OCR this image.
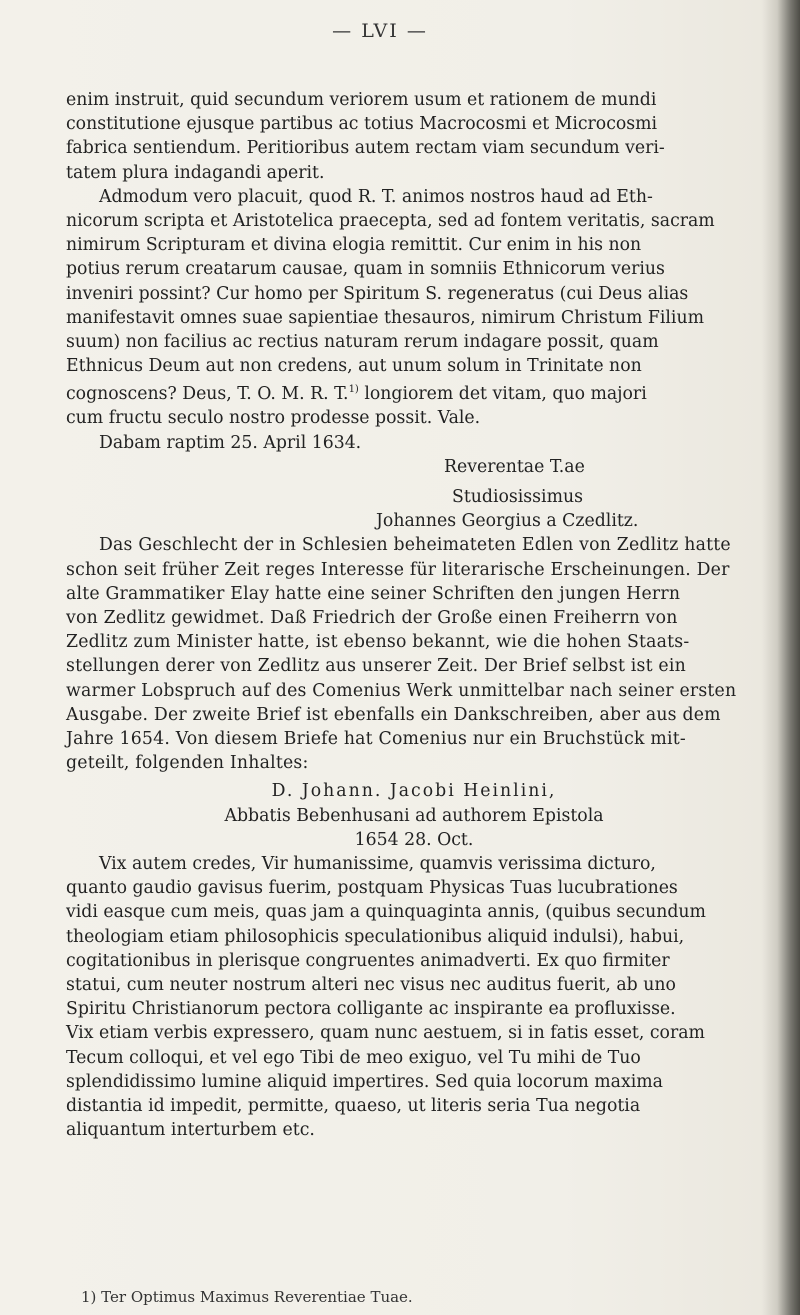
— LVI —
enim instruit, quid secundum veriorem usum et rationem de mundi
constitutione ejusque partibus ac totius Macrocosmi et Microcosmi
fabrica sentiendum. Peritioribus autem rectam viam secundum veri-
tatem plura indagandi aperit.
Admodum vero placuit, quod R. T. animos nostros haud ad Eth-
nicorum scripta et Aristotelica praecepta, sed ad fontem veritatis, sacram
nimirum Scripturam et divina elogia remittit. Cur enim in his non
potius rerum creatarum causae, quam in somniis Ethnicorum verius
inveniri possint? Cur homo per Spiritum S. regeneratus (cui Deus alias
manifestavit omnes suae sapientiae thesauros, nimirum Christum Filium
suum) non facilius ac rectius naturam rerum indagare possit, quam
Ethnicus Deum aut non credens, aut unum solum in Trinitate non
cognoscens? Deus, T. O. M. R. T.$^{1)}$ longiorem det vitam, quo majori
cum fructu seculo nostro prodesse possit. Vale.
Dabam raptim 25. April 1634.
Reverentae T.ae
Studiosissimus
Johannes Georgius a Czedlitz.
Das Geschlecht der in Schlesien beheimateten Edlen von Zedlitz hatte
schon seit früher Zeit reges Interesse für literarische Erscheinungen. Der
alte Grammatiker Elay hatte eine seiner Schriften den jungen Herrn
von Zedlitz gewidmet. Daß Friedrich der Große einen Freiherrn von
Zedlitz zum Minister hatte, ist ebenso bekannt, wie die hohen Staats-
stellungen derer von Zedlitz aus unserer Zeit. Der Brief selbst ist ein
warmer Lobspruch auf des Comenius Werk unmittelbar nach seiner ersten
Ausgabe. Der zweite Brief ist ebenfalls ein Dankschreiben, aber aus dem
Jahre 1654. Von diesem Briefe hat Comenius nur ein Bruchstück mit-
geteilt, folgenden Inhaltes:
D. Johann. Jacobi Heinlini,
Abbatis Bebenhusani ad authorem Epistola
1654 28. Oct.
Vix autem credes, Vir humanissime, quamvis verissima dicturo,
quanto gaudio gavisus fuerim, postquam Physicas Tuas lucubrationes
vidi easque cum meis, quas jam a quinquaginta annis, (quibus secundum
theologiam etiam philosophicis speculationibus aliquid indulsi), habui,
cogitationibus in plerisque congruentes animadverti. Ex quo firmiter
statui, cum neuter nostrum alteri nec visus nec auditus fuerit, ab uno
Spiritu Christianorum pectora colligante ac inspirante ea profluxisse.
Vix etiam verbis expressero, quam nunc aestuem, si in fatis esset, coram
Tecum colloqui, et vel ego Tibi de meo exiguo, vel Tu mihi de Tuo
splendidissimo lumine aliquid impertires. Sed quia locorum maxima
distantia id impedit, permitte, quaeso, ut literis seria Tua negotia
aliquantum interturbem etc.
1) Ter Optimus Maximus Reverentiae Tuae.
